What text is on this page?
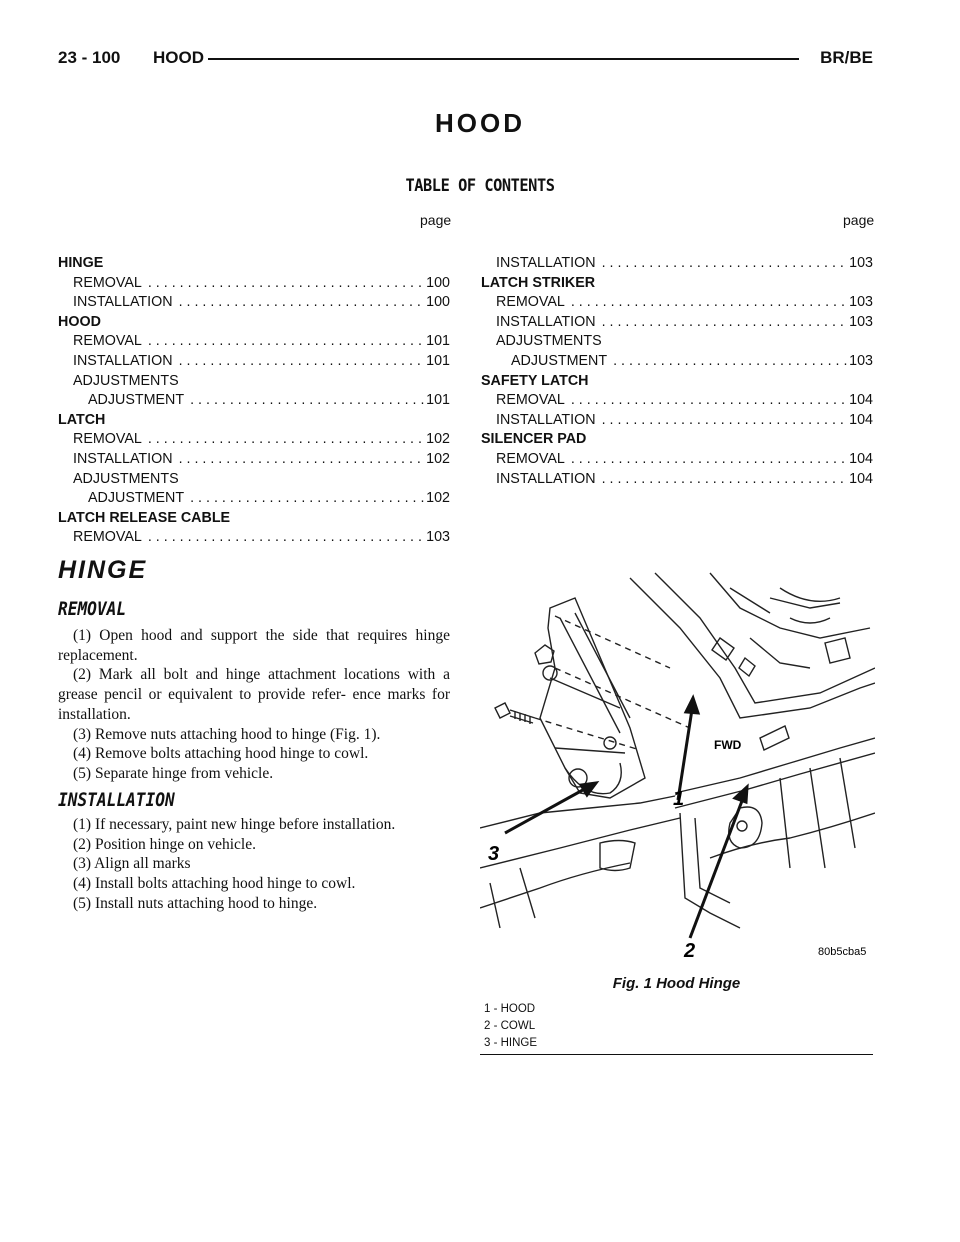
23 - 100 HOOD	BR/BE
HOOD
TABLE OF CONTENTS
page	page
HINGE
REMOVAL . . .	100
INSTALLATION . . .	100
HOOD
REMOVAL . . .	101
INSTALLATION . . .	101
ADJUSTMENTS
ADJUSTMENT . . .	101
LATCH
REMOVAL . . .	102
INSTALLATION . . .	102
ADJUSTMENTS
ADJUSTMENT . . .	102
LATCH RELEASE CABLE
REMOVAL . . .	103
INSTALLATION . . .	103
LATCH STRIKER
REMOVAL . . .	103
INSTALLATION . . .	103
ADJUSTMENTS
ADJUSTMENT . . .	103
SAFETY LATCH
REMOVAL . . .	104
INSTALLATION . . .	104
SILENCER PAD
REMOVAL . . .	104
INSTALLATION . . .	104
HINGE
REMOVAL

(1) Open hood and support the side that requires hinge replacement.

(2) Mark all bolt and hinge attachment locations with a grease pencil or equivalent to provide refer- ence marks for installation.

(3) Remove nuts attaching hood to hinge (Fig. 1).

(4) Remove bolts attaching hood hinge to cowl.

(5) Separate hinge from vehicle.

INSTALLATION

(1) If necessary, paint new hinge before installation.

(2) Position hinge on vehicle.

(3) Align all marks

(4) Install bolts attaching hood hinge to cowl.

(5) Install nuts attaching hood to hinge.

1
2
3
FWD
80b5cba5
Fig. 1 Hood Hinge
1 - HOOD
2 - COWL
3 - HINGE
